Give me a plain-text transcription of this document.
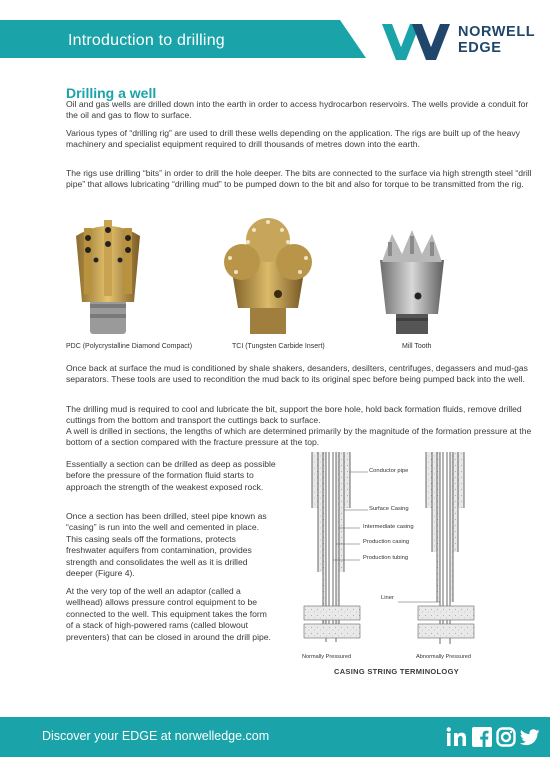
Introduction to drilling	NORWELL
EDGE
Drilling a well
Oil and gas wells are drilled down into the earth in order to access hydrocarbon reservoirs. The wells provide a conduit for the oil and gas to flow to surface.
Various types of “drilling rig” are used to drill these wells depending on the application. The rigs are built up of the heavy machinery and specialist equipment required to drill thousands of metres down into the earth.
The rigs use drilling “bits” in order to drill the hole deeper. The bits are connected to the surface via high strength steel “drill pipe” that allows lubricating “drilling mud” to be pumped down to the bit and also for torque to be transmitted from the rig.
PDC (Polycrystalline Diamond Compact)	TCI (Tungsten Carbide Insert)	Mill Tooth
Once back at surface the mud is conditioned by shale shakers, desanders, desilters, centrifuges, degassers and mud-gas separators. These tools are used to recondition the mud back to its original spec before being pumped back into the well.
The drilling mud is required to cool and lubricate the bit, support the bore hole, hold back formation fluids, remove drilled cuttings from the bottom and transport the cuttings back to surface.
A well is drilled in sections, the lengths of which are determined primarily by the magnitude of the formation pressure at the bottom of a section compared with the fracture pressure at the top.
Essentially a section can be drilled as deep as possible before the pressure of the formation fluid starts to approach the strength of the weakest exposed rock.
Once a section has been drilled, steel pipe known as “casing” is run into the well and cemented in place. This casing seals off the formations, protects freshwater aquifers from contamination, provides strength and consolidates the well as it is drilled deeper (Figure 4).
At the very top of the well an adaptor (called a wellhead) allows pressure control equipment to be connected to the well. This equipment takes the form of a stack of high-powered rams (called blowout preventers) that can be closed in around the drill pipe.
Conductor pipe
Surface Casing
Intermediate casing
Production casing
Production tubing
Liner
Normally Pressured	Abnormally Pressured
CASING STRING TERMINOLOGY
Discover your EDGE at norwelledge.com
